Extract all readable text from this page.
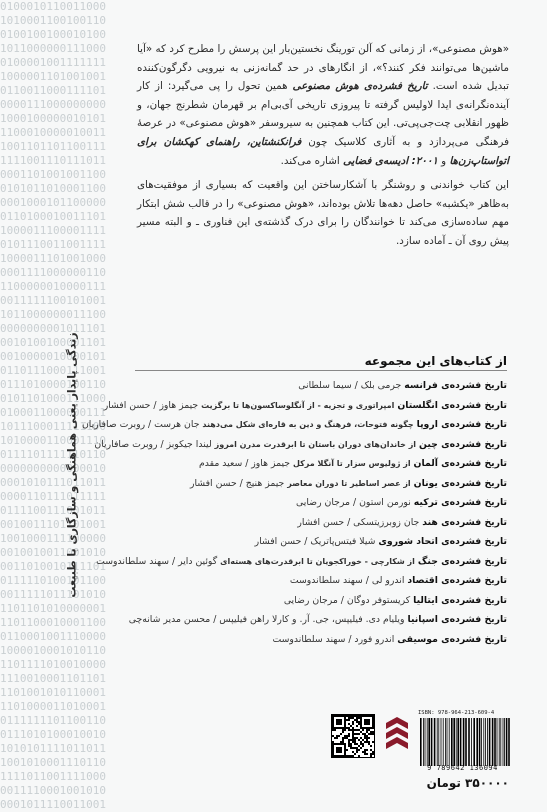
0100010110011000
1010001100100110
0100100100010100
1011000000111000
0100001001111111
1000001101001001
0110011000111101
0000111000000000
1000100000010101
1100010000010011
1001101101100111
1111001110111011
0001101001001100
0101011010001100
0001000101100000
0110100010011101
1000011100001111
0101110011001111
1000011101001000
0001111000000110
1100000010000111
0011111100101001
1011000000011100
0000000001011101
0010100100001101
0010000010000101
0110111000111001
0111010000100110
0101101000111000
0100011000000111
1011100011111100
1010000110001110
0111101111110110
0000000000000010
0001010111011011
0000110111011111
0111100111001011
0010011101101001
1001000111100000
0010010011001010
0011010010111101
0111110100101100
0011111011101010
1101101010000001
1101100010001100
0110001001110000
1000010001010110
1101111010010000
1110010001101101
1101001010110001
1101000011010001
0111111101100110
0111010100010010
1010101111011011
1001010001110110
1111011001111000
0011110001001010
0001011110011001
زندگی پایدار یعنی هماهنگی و سازگاری با طبیعت

«هوش مصنوعی»، از زمانی که آلن تورینگ نخستین‌بار این پرسش را مطرح کرد که «آیا ماشین‌ها می‌توانند فکر کنند؟»، از انگارهای در حد گمانه‌زنی به نیرویی دگرگون‌کننده تبدیل شده است. تاریخ فشرده‌ی هوش مصنوعی همین تحول را پی می‌گیرد: از کار آینده‌نگرانه‌ی ایدا لاولیس گرفته تا پیروزی تاریخی آی‌بی‌ام بر قهرمان شطرنج جهان، و ظهور انقلابی چت‌جی‌پی‌تی. این کتاب همچنین به سیروسفر «هوش مصنوعی» در عرصهٔ فرهنگی می‌پردازد و به آثاری کلاسیک چون فرانکنشتاین، راهنمای کهکشان برای اتواستاپ‌زن‌ها و ۲۰۰۱: ادیسه‌ی فضایی اشاره می‌کند.

این کتاب خواندنی و روشنگر با آشکارساختن این واقعیت که بسیاری از موفقیت‌های به‌ظاهر «یکشبه» حاصل دهه‌ها تلاش بوده‌اند، «هوش مصنوعی» را در قالب شش ابتکار مهم ساده‌سازی می‌کند تا خوانندگان را برای درک گذشته‌ی این فناوری ـ و البته مسیر پیش روی آن ـ آماده سازد.

از کتاب‌های این مجموعه
تاریخ فشرده‌ی فرانسه جرمی بلک / سیما سلطانی
تاریخ فشرده‌ی انگلستان امپراتوری و تجزیه - از آنگلوساکسون‌ها تا برگزیت جیمز هاوز / حسن افشار
تاریخ فشرده‌ی اروپا چگونه فتوحات، فرهنگ و دین به قاره‌ای شکل می‌دهند جان هرست / روبرت صافاریان
تاریخ فشرده‌ی چین از خاندان‌های دوران باستان تا ابرقدرت مدرن امروز لیندا جیکوبز / روبرت صافاریان
تاریخ فشرده‌ی آلمان از ژولیوس سزار تا آنگلا مرکل جیمز هاوز / سعید مقدم
تاریخ فشرده‌ی یونان از عصر اساطیر تا دوران معاصر جیمز هنیج / حسن افشار
تاریخ فشرده‌ی ترکیه نورمن استون / مرجان رضایی
تاریخ فشرده‌ی هند جان زوبرزیتسکی / حسن افشار
تاریخ فشرده‌ی اتحاد شوروی شیلا فیتس‌پاتریک / حسن افشار
تاریخ فشرده‌ی جنگ از شکارچی - خوراکجویان تا ابرقدرت‌های هسته‌ای گوئین دایر / سهند سلطاندوست
تاریخ فشرده‌ی اقتصاد اندرو لی / سهند سلطاندوست
تاریخ فشرده‌ی ایتالیا کریستوفر دوگان / مرجان رضایی
تاریخ فشرده‌ی اسپانیا ویلیام دی. فیلیپس، جی. آر. و کارلا راهن فیلیپس / محسن مدیر شانه‌چی
تاریخ فشرده‌ی موسیقی اندرو فورد / سهند سلطاندوست
ISBN: 978-964-213-609-4
9 789642 136094
۳۵۰۰۰۰ تومان
